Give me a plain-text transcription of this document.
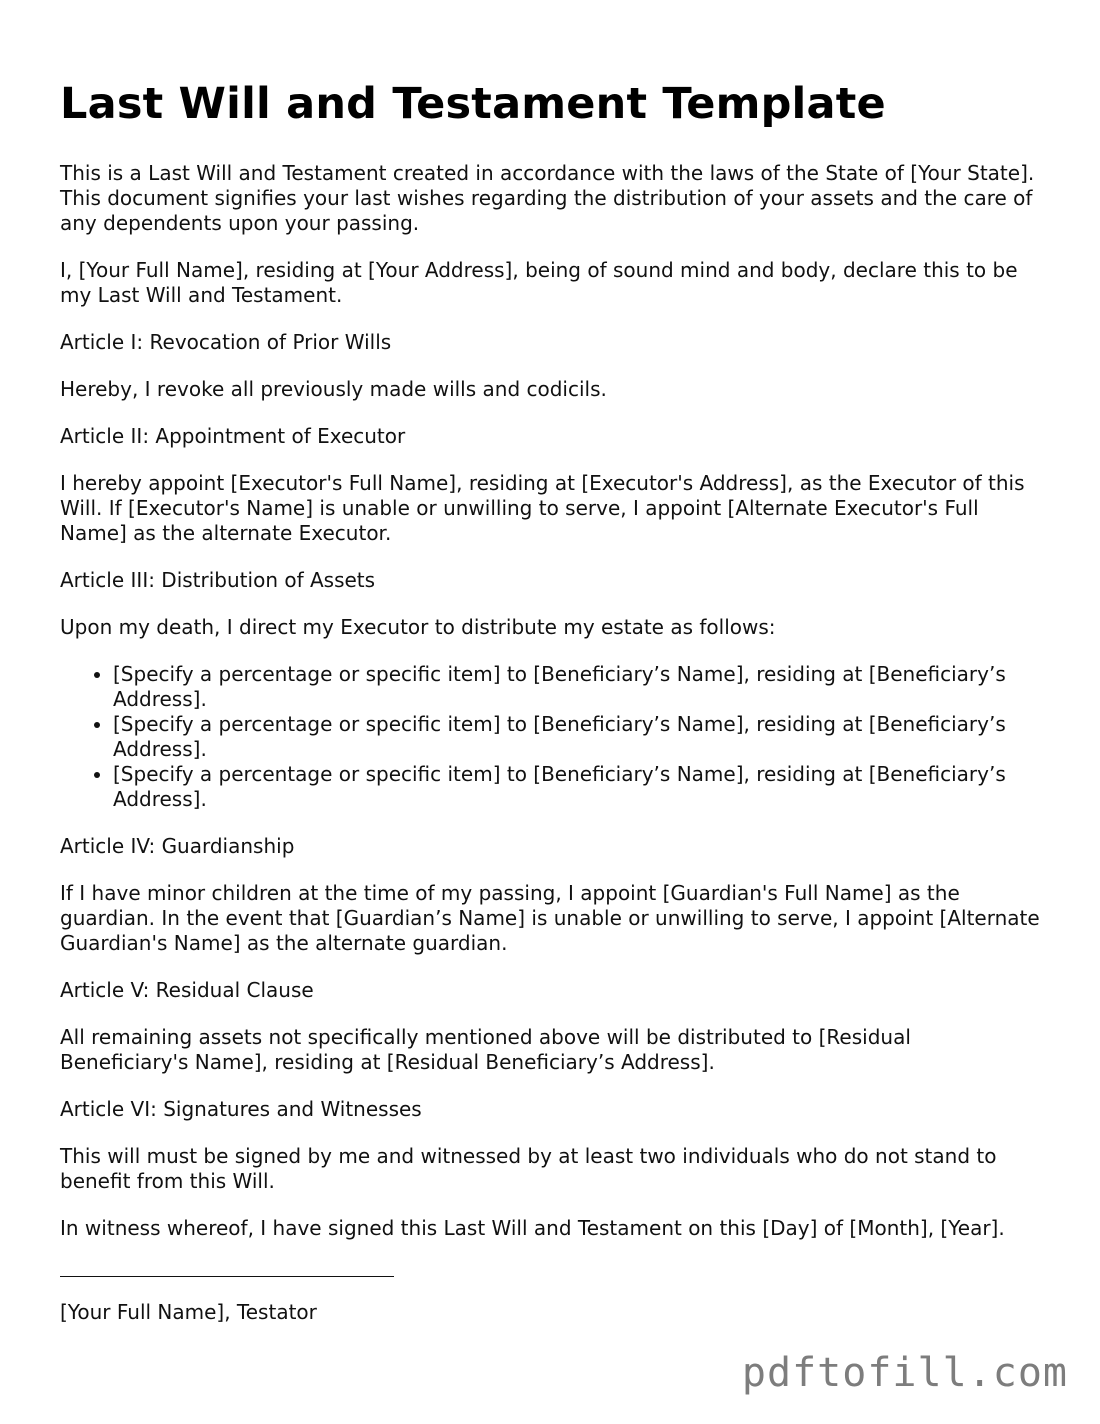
Last Will and Testament Template

This is a Last Will and Testament created in accordance with the laws of the State of [Your State]. This document signifies your last wishes regarding the distribution of your assets and the care of any dependents upon your passing.

I, [Your Full Name], residing at [Your Address], being of sound mind and body, declare this to be my Last Will and Testament.

Article I: Revocation of Prior Wills

Hereby, I revoke all previously made wills and codicils.

Article II: Appointment of Executor

I hereby appoint [Executor's Full Name], residing at [Executor's Address], as the Executor of this Will. If [Executor's Name] is unable or unwilling to serve, I appoint [Alternate Executor's Full Name] as the alternate Executor.

Article III: Distribution of Assets

Upon my death, I direct my Executor to distribute my estate as follows:

• [Specify a percentage or specific item] to [Beneficiary’s Name], residing at [Beneficiary’s Address].
• [Specify a percentage or specific item] to [Beneficiary’s Name], residing at [Beneficiary’s Address].
• [Specify a percentage or specific item] to [Beneficiary’s Name], residing at [Beneficiary’s Address].

Article IV: Guardianship

If I have minor children at the time of my passing, I appoint [Guardian's Full Name] as the guardian. In the event that [Guardian’s Name] is unable or unwilling to serve, I appoint [Alternate Guardian's Name] as the alternate guardian.

Article V: Residual Clause

All remaining assets not specifically mentioned above will be distributed to [Residual Beneficiary's Name], residing at [Residual Beneficiary’s Address].

Article VI: Signatures and Witnesses

This will must be signed by me and witnessed by at least two individuals who do not stand to benefit from this Will.

In witness whereof, I have signed this Last Will and Testament on this [Day] of [Month], [Year].

[Your Full Name], Testator
pdftofill.com
